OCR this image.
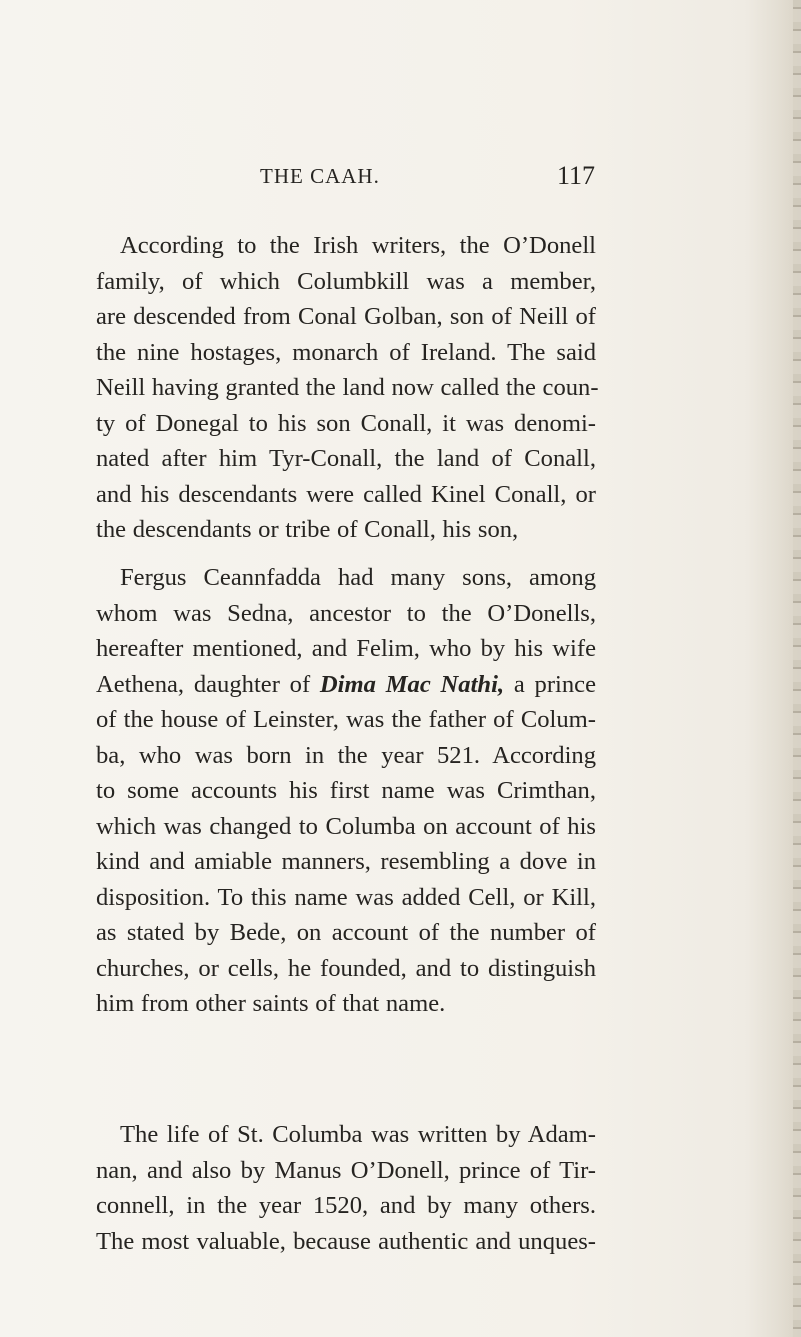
THE CAAH.	117
According to the Irish writers, the O’Donell
family, of which Columbkill was a member,
are descended from Conal Golban, son of Neill of
the nine hostages, monarch of Ireland. The said
Neill having granted the land now called the coun-
ty of Donegal to his son Conall, it was denomi-
nated after him Tyr-Conall, the land of Conall,
and his descendants were called Kinel Conall, or
the descendants or tribe of Conall, his son,
Fergus Ceannfadda had many sons, among
whom was Sedna, ancestor to the O’Donells,
hereafter mentioned, and Felim, who by his wife
Aethena, daughter of Dima Mac Nathi, a prince
of the house of Leinster, was the father of Colum-
ba, who was born in the year 521. According
to some accounts his first name was Crimthan,
which was changed to Columba on account of his
kind and amiable manners, resembling a dove in
disposition. To this name was added Cell, or Kill,
as stated by Bede, on account of the number of
churches, or cells, he founded, and to distinguish
him from other saints of that name.
The life of St. Columba was written by Adam-
nan, and also by Manus O’Donell, prince of Tir-
connell, in the year 1520, and by many others.
The most valuable, because authentic and unques-
